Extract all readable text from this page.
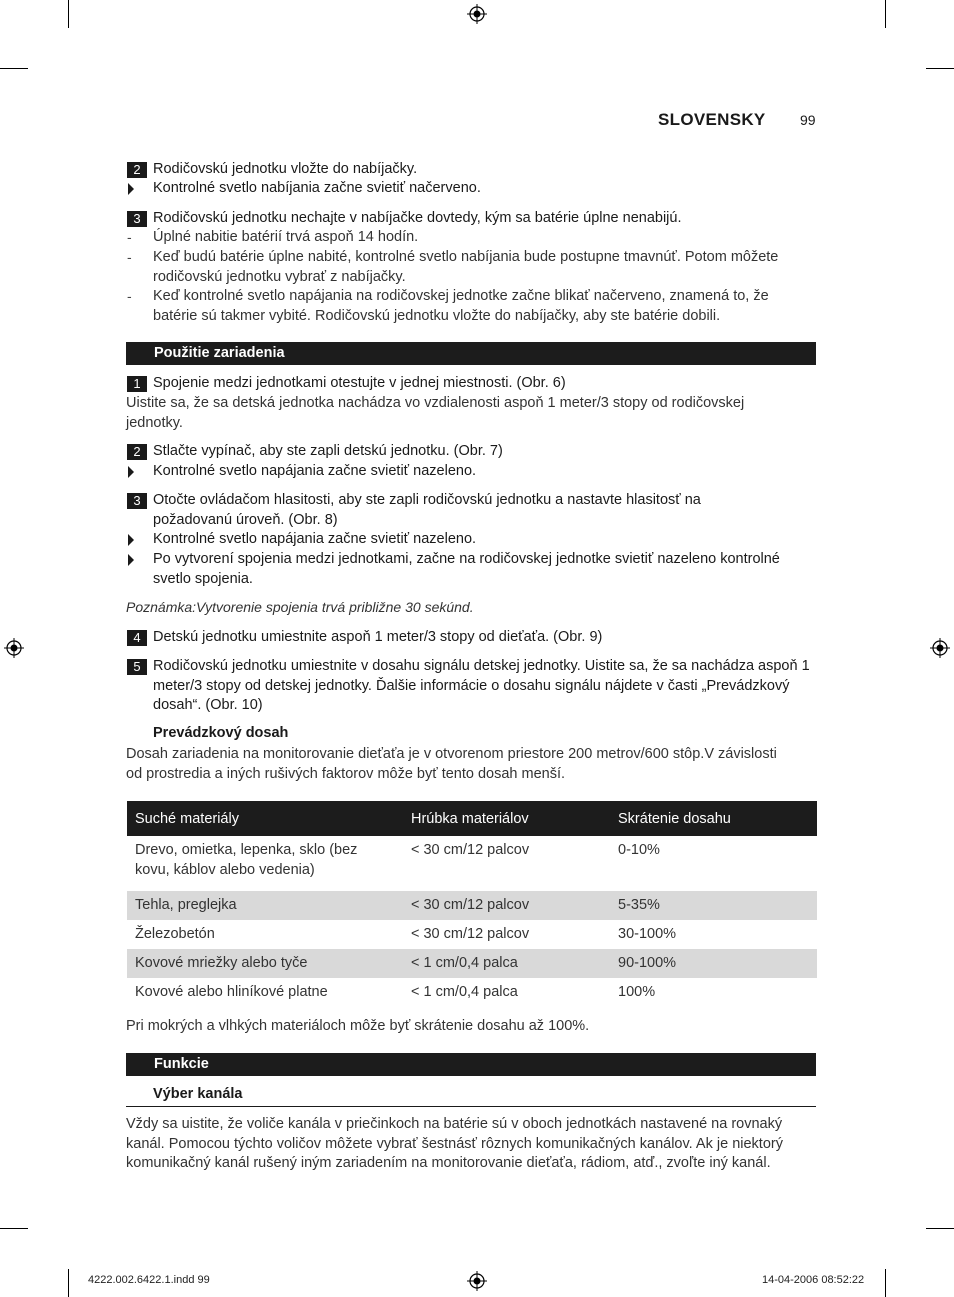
SLOVENSKY 99
2 Rodičovskú jednotku vložte do nabíjačky.
Kontrolné svetlo nabíjania začne svietiť načerveno.
3 Rodičovskú jednotku nechajte v nabíjačke dovtedy, kým sa batérie úplne nenabijú.
- Úplné nabitie batérií trvá aspoň 14 hodín.
- Keď budú batérie úplne nabité, kontrolné svetlo nabíjania bude postupne tmavnúť. Potom môžete rodičovskú jednotku vybrať z nabíjačky.
- Keď kontrolné svetlo napájania na rodičovskej jednotke začne blikať načerveno, znamená to, že batérie sú takmer vybité. Rodičovskú jednotku vložte do nabíjačky, aby ste batérie dobili.
Použitie zariadenia
1 Spojenie medzi jednotkami otestujte v jednej miestnosti. (Obr. 6)
Uistite sa, že sa detská jednotka nachádza vo vzdialenosti aspoň 1 meter/3 stopy od rodičovskej jednotky.
2 Stlačte vypínač, aby ste zapli detskú jednotku. (Obr. 7)
Kontrolné svetlo napájania začne svietiť nazeleno.
3 Otočte ovládačom hlasitosti, aby ste zapli rodičovskú jednotku a nastavte hlasitosť na požadovanú úroveň. (Obr. 8)
Kontrolné svetlo napájania začne svietiť nazeleno.
Po vytvorení spojenia medzi jednotkami, začne na rodičovskej jednotke svietiť nazeleno kontrolné svetlo spojenia.
Poznámka:Vytvorenie spojenia trvá približne 30 sekúnd.
4 Detskú jednotku umiestnite aspoň 1 meter/3 stopy od dieťaťa. (Obr. 9)
5 Rodičovskú jednotku umiestnite v dosahu signálu detskej jednotky. Uistite sa, že sa nachádza aspoň 1 meter/3 stopy od detskej jednotky. Ďalšie informácie o dosahu signálu nájdete v časti „Prevádzkový dosah“. (Obr. 10)
Prevádzkový dosah
Dosah zariadenia na monitorovanie dieťaťa je v otvorenom priestore 200 metrov/600 stôp.V závislosti od prostredia a iných rušivých faktorov môže byť tento dosah menší.
Suché materiály	Hrúbka materiálov	Skrátenie dosahu
Drevo, omietka, lepenka, sklo (bez kovu, káblov alebo vedenia)	< 30 cm/12 palcov	0-10%
Tehla, preglejka	< 30 cm/12 palcov	5-35%
Železobetón	< 30 cm/12 palcov	30-100%
Kovové mriežky alebo tyče	< 1 cm/0,4 palca	90-100%
Kovové alebo hliníkové platne	< 1 cm/0,4 palca	100%
Pri mokrých a vlhkých materiáloch môže byť skrátenie dosahu až 100%.
Funkcie
Výber kanála
Vždy sa uistite, že voliče kanála v priečinkoch na batérie sú v oboch jednotkách nastavené na rovnaký kanál. Pomocou týchto voličov môžete vybrať šestnásť rôznych komunikačných kanálov. Ak je niektorý komunikačný kanál rušený iným zariadením na monitorovanie dieťaťa, rádiom, atď., zvoľte iný kanál.
4222.002.6422.1.indd 99	14-04-2006 08:52:22
